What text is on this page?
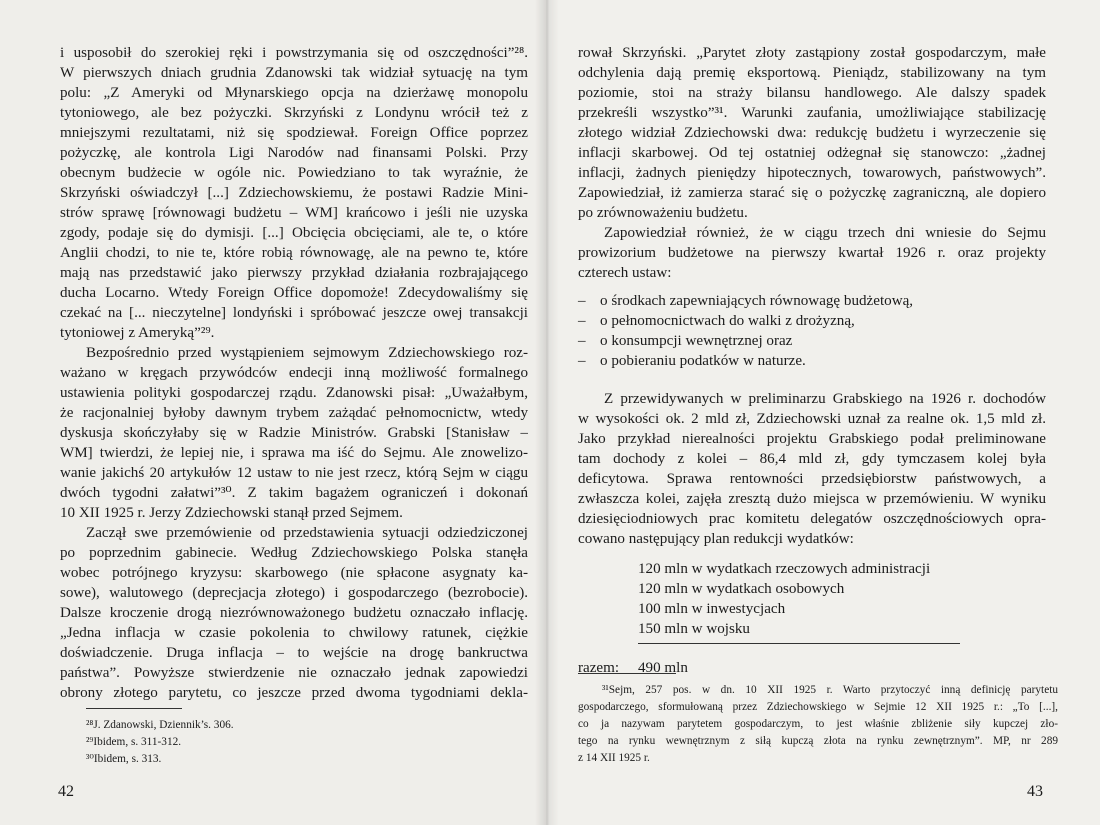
i usposobił do szerokiej ręki i powstrzymania się od oszczędności”²⁸.
W pierwszych dniach grudnia Zdanowski tak widział sytuację na tym
polu: „Z Ameryki od Młynarskiego opcja na dzierżawę monopolu
tytoniowego, ale bez pożyczki. Skrzyński z Londynu wrócił też z
mniejszymi rezultatami, niż się spodziewał. Foreign Office poprzez
pożyczkę, ale kontrola Ligi Narodów nad finansami Polski. Przy
obecnym budżecie w ogóle nic. Powiedziano to tak wyraźnie, że
Skrzyński oświadczył [...] Zdziechowskiemu, że postawi Radzie Mini-
strów sprawę [równowagi budżetu – WM] krańcowo i jeśli nie uzyska
zgody, podaje się do dymisji. [...] Obcięcia obcięciami, ale te, o które
Anglii chodzi, to nie te, które robią równowagę, ale na pewno te, które
mają nas przedstawić jako pierwszy przykład działania rozbrajającego
ducha Locarno. Wtedy Foreign Office dopomoże! Zdecydowaliśmy się
czekać na [... nieczytelne] londyński i spróbować jeszcze owej transakcji
tytoniowej z Ameryką”²⁹.
Bezpośrednio przed wystąpieniem sejmowym Zdziechowskiego roz-
ważano w kręgach przywódców endecji inną możliwość formalnego
ustawienia polityki gospodarczej rządu. Zdanowski pisał: „Uważałbym,
że racjonalniej byłoby dawnym trybem zażądać pełnomocnictw, wtedy
dyskusja skończyłaby się w Radzie Ministrów. Grabski [Stanisław –
WM] twierdzi, że lepiej nie, i sprawa ma iść do Sejmu. Ale znowelizo-
wanie jakichś 20 artykułów 12 ustaw to nie jest rzecz, którą Sejm w ciągu
dwóch tygodni załatwi”³⁰. Z takim bagażem ograniczeń i dokonań
10 XII 1925 r. Jerzy Zdziechowski stanął przed Sejmem.
Zaczął swe przemówienie od przedstawienia sytuacji odziedziczonej
po poprzednim gabinecie. Według Zdziechowskiego Polska stanęła
wobec potrójnego kryzysu: skarbowego (nie spłacone asygnaty ka-
sowe), walutowego (deprecjacja złotego) i gospodarczego (bezrobocie).
Dalsze kroczenie drogą niezrównoważonego budżetu oznaczało inflację.
„Jedna inflacja w czasie pokolenia to chwilowy ratunek, ciężkie
doświadczenie. Druga inflacja – to wejście na drogę bankructwa
państwa”. Powyższe stwierdzenie nie oznaczało jednak zapowiedzi
obrony złotego parytetu, co jeszcze przed dwoma tygodniami dekla-
²⁸J. Zdanowski, Dziennik’s. 306.
²⁹Ibidem, s. 311-312.
³⁰Ibidem, s. 313.
42
rował Skrzyński. „Parytet złoty zastąpiony został gospodarczym, małe
odchylenia dają premię eksportową. Pieniądz, stabilizowany na tym
poziomie, stoi na straży bilansu handlowego. Ale dalszy spadek
przekreśli wszystko”³¹. Warunki zaufania, umożliwiające stabilizację
złotego widział Zdziechowski dwa: redukcję budżetu i wyrzeczenie się
inflacji skarbowej. Od tej ostatniej odżegnał się stanowczo: „żadnej
inflacji, żadnych pieniędzy hipotecznych, towarowych, państwowych”.
Zapowiedział, iż zamierza starać się o pożyczkę zagraniczną, ale dopiero
po zrównoważeniu budżetu.
Zapowiedział również, że w ciągu trzech dni wniesie do Sejmu
prowizorium budżetowe na pierwszy kwartał 1926 r. oraz projekty
czterech ustaw:
– o środkach zapewniających równowagę budżetową,
– o pełnomocnictwach do walki z drożyzną,
– o konsumpcji wewnętrznej oraz
– o pobieraniu podatków w naturze.
Z przewidywanych w preliminarzu Grabskiego na 1926 r. dochodów
w wysokości ok. 2 mld zł, Zdziechowski uznał za realne ok. 1,5 mld zł.
Jako przykład nierealności projektu Grabskiego podał preliminowane
tam dochody z kolei – 86,4 mld zł, gdy tymczasem kolej była
deficytowa. Sprawa rentowności przedsiębiorstw państwowych, a
zwłaszcza kolei, zajęła zresztą dużo miejsca w przemówieniu. W wyniku
dziesięciodniowych prac komitetu delegatów oszczędnościowych opra-
cowano następujący plan redukcji wydatków:
120 mln w wydatkach rzeczowych administracji
120 mln w wydatkach osobowych
100 mln w inwestycjach
150 mln w wojsku
razem: 490 mln
³¹Sejm, 257 pos. w dn. 10 XII 1925 r. Warto przytoczyć inną definicję parytetu
gospodarczego, sformułowaną przez Zdziechowskiego w Sejmie 12 XII 1925 r.: „To [...],
co ja nazywam parytetem gospodarczym, to jest właśnie zbliżenie siły kupczej zło-
tego na rynku wewnętrznym z siłą kupczą złota na rynku zewnętrznym”. MP, nr 289
z 14 XII 1925 r.
43
